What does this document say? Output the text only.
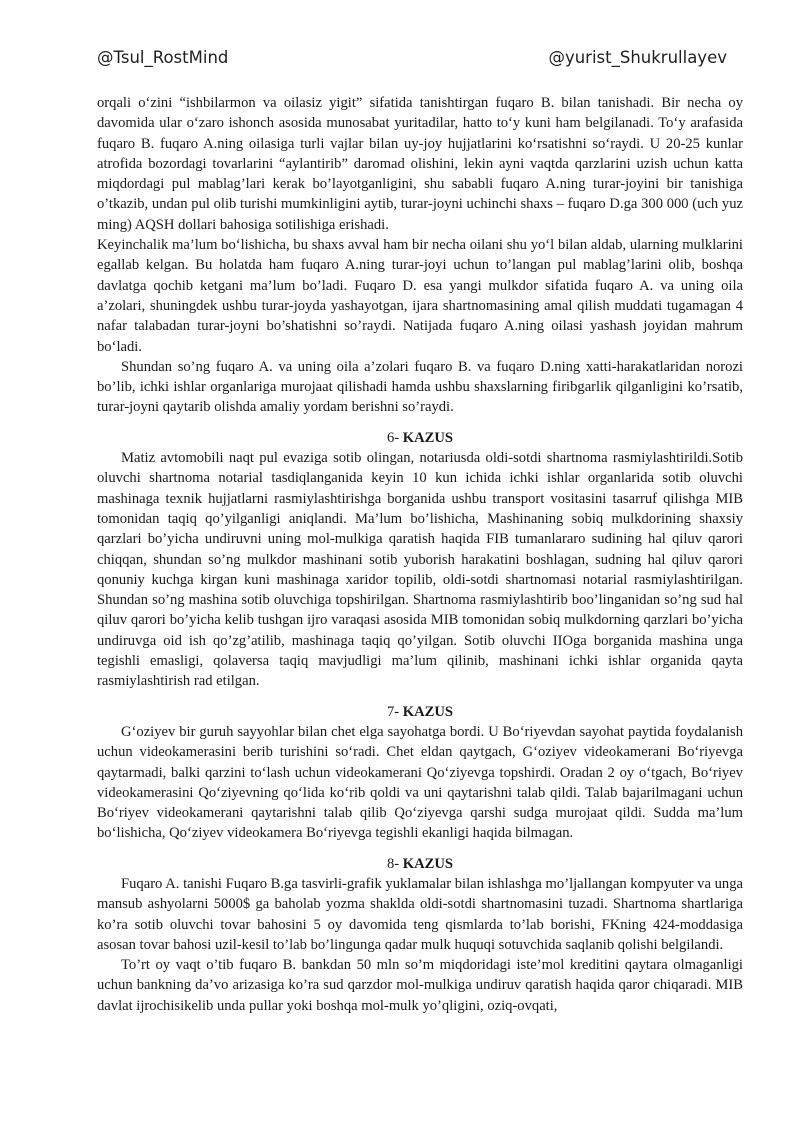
@Tsul_RostMind	@yurist_Shukrullayev

orqali o‘zini “ishbilarmon va oilasiz yigit” sifatida tanishtirgan fuqaro B. bilan tanishadi. Bir necha oy davomida ular o‘zaro ishonch asosida munosabat yuritadilar, hatto to‘y kuni ham belgilanadi. To‘y arafasida fuqaro B. fuqaro A.ning oilasiga turli vajlar bilan uy-joy hujjatlarini ko‘rsatishni so‘raydi. U 20-25 kunlar atrofida bozordagi tovarlarini “aylantirib” daromad olishini, lekin ayni vaqtda qarzlarini uzish uchun katta miqdordagi pul mablag’lari kerak bo’layotganligini, shu sababli fuqaro A.ning turar-joyini bir tanishiga o’tkazib, undan pul olib turishi mumkinligini aytib, turar-joyni uchinchi shaxs – fuqaro D.ga 300 000 (uch yuz ming) AQSH dollari bahosiga sotilishiga erishadi.

Keyinchalik ma’lum bo‘lishicha, bu shaxs avval ham bir necha oilani shu yo‘l bilan aldab, ularning mulklarini egallab kelgan. Bu holatda ham fuqaro A.ning turar-joyi uchun to’langan pul mablag’larini olib, boshqa davlatga qochib ketgani ma’lum bo’ladi. Fuqaro D. esa yangi mulkdor sifatida fuqaro A. va uning oila a’zolari, shuningdek ushbu turar-joyda yashayotgan, ijara shartnomasining amal qilish muddati tugamagan 4 nafar talabadan turar-joyni bo’shatishni so’raydi. Natijada fuqaro A.ning oilasi yashash joyidan mahrum bo‘ladi.

Shundan so’ng fuqaro A. va uning oila a’zolari fuqaro B. va fuqaro D.ning xatti-harakatlaridan norozi bo’lib, ichki ishlar organlariga murojaat qilishadi hamda ushbu shaxslarning firibgarlik qilganligini ko’rsatib, turar-joyni qaytarib olishda amaliy yordam berishni so’raydi.

6- KAZUS

Matiz avtomobili naqt pul evaziga sotib olingan, notariusda oldi-sotdi shartnoma rasmiylashtirildi.Sotib oluvchi shartnoma notarial tasdiqlanganida keyin 10 kun ichida ichki ishlar organlarida sotib oluvchi mashinaga texnik hujjatlarni rasmiylashtirishga borganida ushbu transport vositasini tasarruf qilishga MIB tomonidan taqiq qo’yilganligi aniqlandi. Ma’lum bo’lishicha, Mashinaning sobiq mulkdorining shaxsiy qarzlari bo’yicha undiruvni uning mol-mulkiga qaratish haqida FIB tumanlararo sudining hal qiluv qarori chiqqan, shundan so’ng mulkdor mashinani sotib yuborish harakatini boshlagan, sudning hal qiluv qarori qonuniy kuchga kirgan kuni mashinaga xaridor topilib, oldi-sotdi shartnomasi notarial rasmiylashtirilgan. Shundan so’ng mashina sotib oluvchiga topshirilgan. Shartnoma rasmiylashtirib boo’linganidan so’ng sud hal qiluv qarori bo’yicha kelib tushgan ijro varaqasi asosida MIB tomonidan sobiq mulkdorning qarzlari bo’yicha undiruvga oid ish qo’zg’atilib, mashinaga taqiq qo’yilgan. Sotib oluvchi IIOga borganida mashina unga tegishli emasligi, qolaversa taqiq mavjudligi ma’lum qilinib, mashinani ichki ishlar organida qayta rasmiylashtirish rad etilgan.

7- KAZUS

G‘oziyev bir guruh sayyohlar bilan chet elga sayohatga bordi. U Bo‘riyevdan sayohat paytida foydalanish uchun videokamerasini berib turishini so‘radi. Chet eldan qaytgach, G‘oziyev videokamerani Bo‘riyevga qaytarmadi, balki qarzini to‘lash uchun videokamerani Qo‘ziyevga topshirdi. Oradan 2 oy o‘tgach, Bo‘riyev videokamerasini Qo‘ziyevning qo‘lida ko‘rib qoldi va uni qaytarishni talab qildi. Talab bajarilmagani uchun Bo‘riyev videokamerani qaytarishni talab qilib Qo‘ziyevga qarshi sudga murojaat qildi. Sudda ma’lum bo‘lishicha, Qo‘ziyev videokamera Bo‘riyevga tegishli ekanligi haqida bilmagan.

8- KAZUS

Fuqaro A. tanishi Fuqaro B.ga tasvirli-grafik yuklamalar bilan ishlashga mo’ljallangan kompyuter va unga mansub ashyolarni 5000$ ga baholab yozma shaklda oldi-sotdi shartnomasini tuzadi. Shartnoma shartlariga ko’ra sotib oluvchi tovar bahosini 5 oy davomida teng qismlarda to’lab borishi, FKning 424-moddasiga asosan tovar bahosi uzil-kesil to’lab bo’lingunga qadar mulk huquqi sotuvchida saqlanib qolishi belgilandi.

To’rt oy vaqt o’tib fuqaro B. bankdan 50 mln so’m miqdoridagi iste’mol kreditini qaytara olmaganligi uchun bankning da’vo arizasiga ko’ra sud qarzdor mol-mulkiga undiruv qaratish haqida qaror chiqaradi. MIB davlat ijrochisikelib unda pullar yoki boshqa mol-mulk yo’qligini, oziq-ovqati,
